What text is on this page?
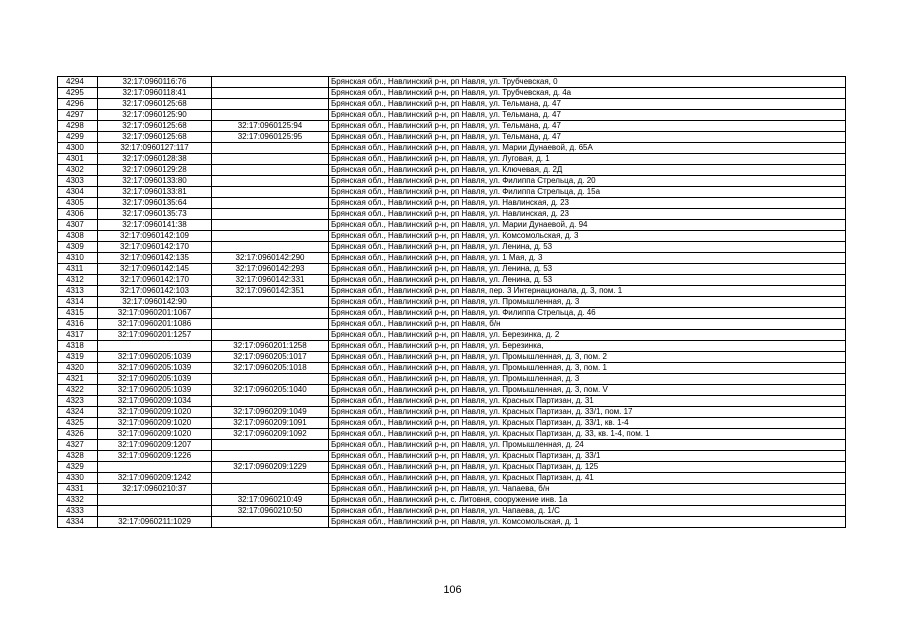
4294	32:17:0960116:76		Брянская обл., Навлинский р-н, рп Навля, ул. Трубчевская, 0
4295	32:17:0960118:41		Брянская обл., Навлинский р-н, рп Навля, ул. Трубчевская, д. 4а
4296	32:17:0960125:68		Брянская обл., Навлинский р-н, рп Навля, ул. Тельмана, д. 47
4297	32:17:0960125:90		Брянская обл., Навлинский р-н, рп Навля, ул. Тельмана, д. 47
4298	32:17:0960125:68	32:17:0960125:94	Брянская обл., Навлинский р-н, рп Навля, ул. Тельмана, д. 47
4299	32:17:0960125:68	32:17:0960125:95	Брянская обл., Навлинский р-н, рп Навля, ул. Тельмана, д. 47
4300	32:17:0960127:117		Брянская обл., Навлинский р-н, рп Навля, ул. Марии Дунаевой, д. 65А
4301	32:17:0960128:38		Брянская обл., Навлинский р-н, рп Навля, ул. Луговая, д. 1
4302	32:17:0960129:28		Брянская обл., Навлинский р-н, рп Навля, ул. Ключевая, д. 2Д
4303	32:17:0960133:80		Брянская обл., Навлинский р-н, рп Навля, ул. Филиппа Стрельца, д. 20
4304	32:17:0960133:81		Брянская обл., Навлинский р-н, рп Навля, ул. Филиппа Стрельца, д. 15а
4305	32:17:0960135:64		Брянская обл., Навлинский р-н, рп Навля, ул. Навлинская, д. 23
4306	32:17:0960135:73		Брянская обл., Навлинский р-н, рп Навля, ул. Навлинская, д. 23
4307	32:17:0960141:38		Брянская обл., Навлинский р-н, рп Навля, ул. Марии Дунаевой, д. 94
4308	32:17:0960142:109		Брянская обл., Навлинский р-н, рп Навля, ул. Комсомольская, д. 3
4309	32:17:0960142:170		Брянская обл., Навлинский р-н, рп Навля, ул. Ленина, д. 53
4310	32:17:0960142:135	32:17:0960142:290	Брянская обл., Навлинский р-н, рп Навля, ул. 1 Мая, д. 3
4311	32:17:0960142:145	32:17:0960142:293	Брянская обл., Навлинский р-н, рп Навля, ул. Ленина, д. 53
4312	32:17:0960142:170	32:17:0960142:331	Брянская обл., Навлинский р-н, рп Навля, ул. Ленина, д. 53
4313	32:17:0960142:103	32:17:0960142:351	Брянская обл., Навлинский р-н, рп Навля, пер. 3 Интернационала, д. 3, пом. 1
4314	32:17:0960142:90		Брянская обл., Навлинский р-н, рп Навля, ул. Промышленная, д. 3
4315	32:17:0960201:1067		Брянская обл., Навлинский р-н, рп Навля, ул. Филиппа Стрельца, д. 46
4316	32:17:0960201:1086		Брянская обл., Навлинский р-н, рп Навля, б/н
4317	32:17:0960201:1257		Брянская обл., Навлинский р-н, рп Навля, ул. Березинка, д. 2
4318		32:17:0960201:1258	Брянская обл., Навлинский р-н, рп Навля, ул. Березинка,
4319	32:17:0960205:1039	32:17:0960205:1017	Брянская обл., Навлинский р-н, рп Навля, ул. Промышленная, д. 3, пом. 2
4320	32:17:0960205:1039	32:17:0960205:1018	Брянская обл., Навлинский р-н, рп Навля, ул. Промышленная, д. 3, пом. 1
4321	32:17:0960205:1039		Брянская обл., Навлинский р-н, рп Навля, ул. Промышленная, д. 3
4322	32:17:0960205:1039	32:17:0960205:1040	Брянская обл., Навлинский р-н, рп Навля, ул. Промышленная, д. 3, пом. V
4323	32:17:0960209:1034		Брянская обл., Навлинский р-н, рп Навля, ул. Красных Партизан, д. 31
4324	32:17:0960209:1020	32:17:0960209:1049	Брянская обл., Навлинский р-н, рп Навля, ул. Красных Партизан, д. 33/1, пом. 17
4325	32:17:0960209:1020	32:17:0960209:1091	Брянская обл., Навлинский р-н, рп Навля, ул. Красных Партизан, д. 33/1, кв. 1-4
4326	32:17:0960209:1020	32:17:0960209:1092	Брянская обл., Навлинский р-н, рп Навля, ул. Красных Партизан, д. 33, кв. 1-4, пом. 1
4327	32:17:0960209:1207		Брянская обл., Навлинский р-н, рп Навля, ул. Промышленная, д. 24
4328	32:17:0960209:1226		Брянская обл., Навлинский р-н, рп Навля, ул. Красных Партизан, д. 33/1
4329		32:17:0960209:1229	Брянская обл., Навлинский р-н, рп Навля, ул. Красных Партизан, д. 125
4330	32:17:0960209:1242		Брянская обл., Навлинский р-н, рп Навля, ул. Красных Партизан, д. 41
4331	32:17:0960210:37		Брянская обл., Навлинский р-н, рп Навля, ул. Чапаева, б/н
4332		32:17:0960210:49	Брянская обл., Навлинский р-н, с. Литовня, сооружение инв. 1а
4333		32:17:0960210:50	Брянская обл., Навлинский р-н, рп Навля, ул. Чапаева, д. 1/С
4334	32:17:0960211:1029		Брянская обл., Навлинский р-н, рп Навля, ул. Комсомольская, д. 1
106
